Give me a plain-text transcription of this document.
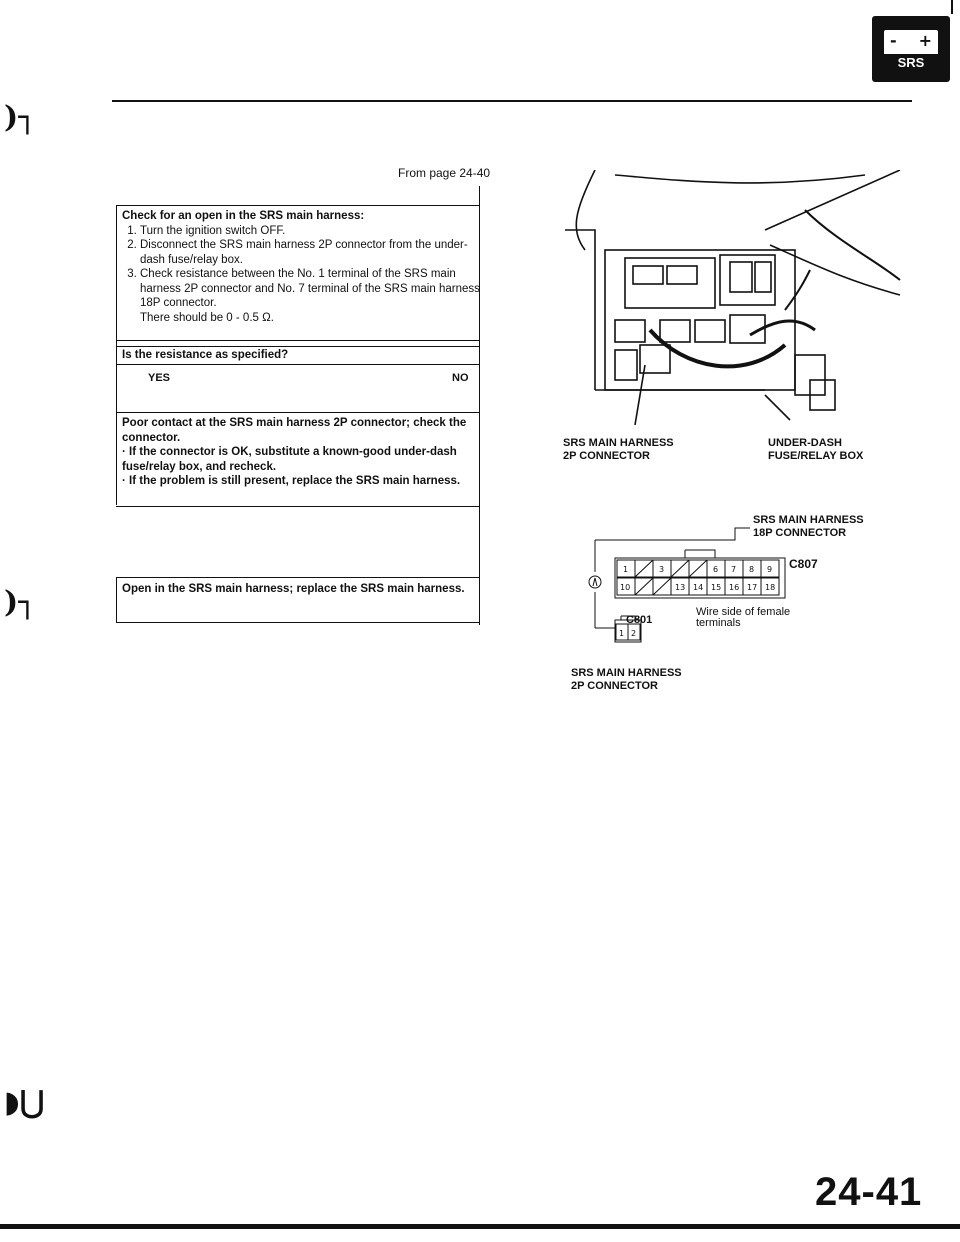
- +
SRS
)┐
)┐
◗⋃
From page 24-40
Check for an open in the SRS main harness:
1. Turn the ignition switch OFF.
2. Disconnect the SRS main harness 2P connector from the under-dash fuse/relay box.
3. Check resistance between the No. 1 terminal of the SRS main harness 2P connector and No. 7 terminal of the SRS main harness 18P connector.
There should be 0 - 0.5 Ω.
Is the resistance as specified?
YES	NO
Poor contact at the SRS main harness 2P connector; check the connector.
· If the connector is OK, substitute a known-good under-dash fuse/relay box, and recheck.
· If the problem is still present, replace the SRS main harness.
Open in the SRS main harness; replace the SRS main harness.
SRS MAIN HARNESS
2P CONNECTOR
UNDER-DASH
FUSE/RELAY BOX
SRS MAIN HARNESS
18P CONNECTOR
C807
Wire side of female
terminals
C801
SRS MAIN HARNESS
2P CONNECTOR
1	3	6 7 8 9
10	13 14 15 16 17 18
1 2
24-41
